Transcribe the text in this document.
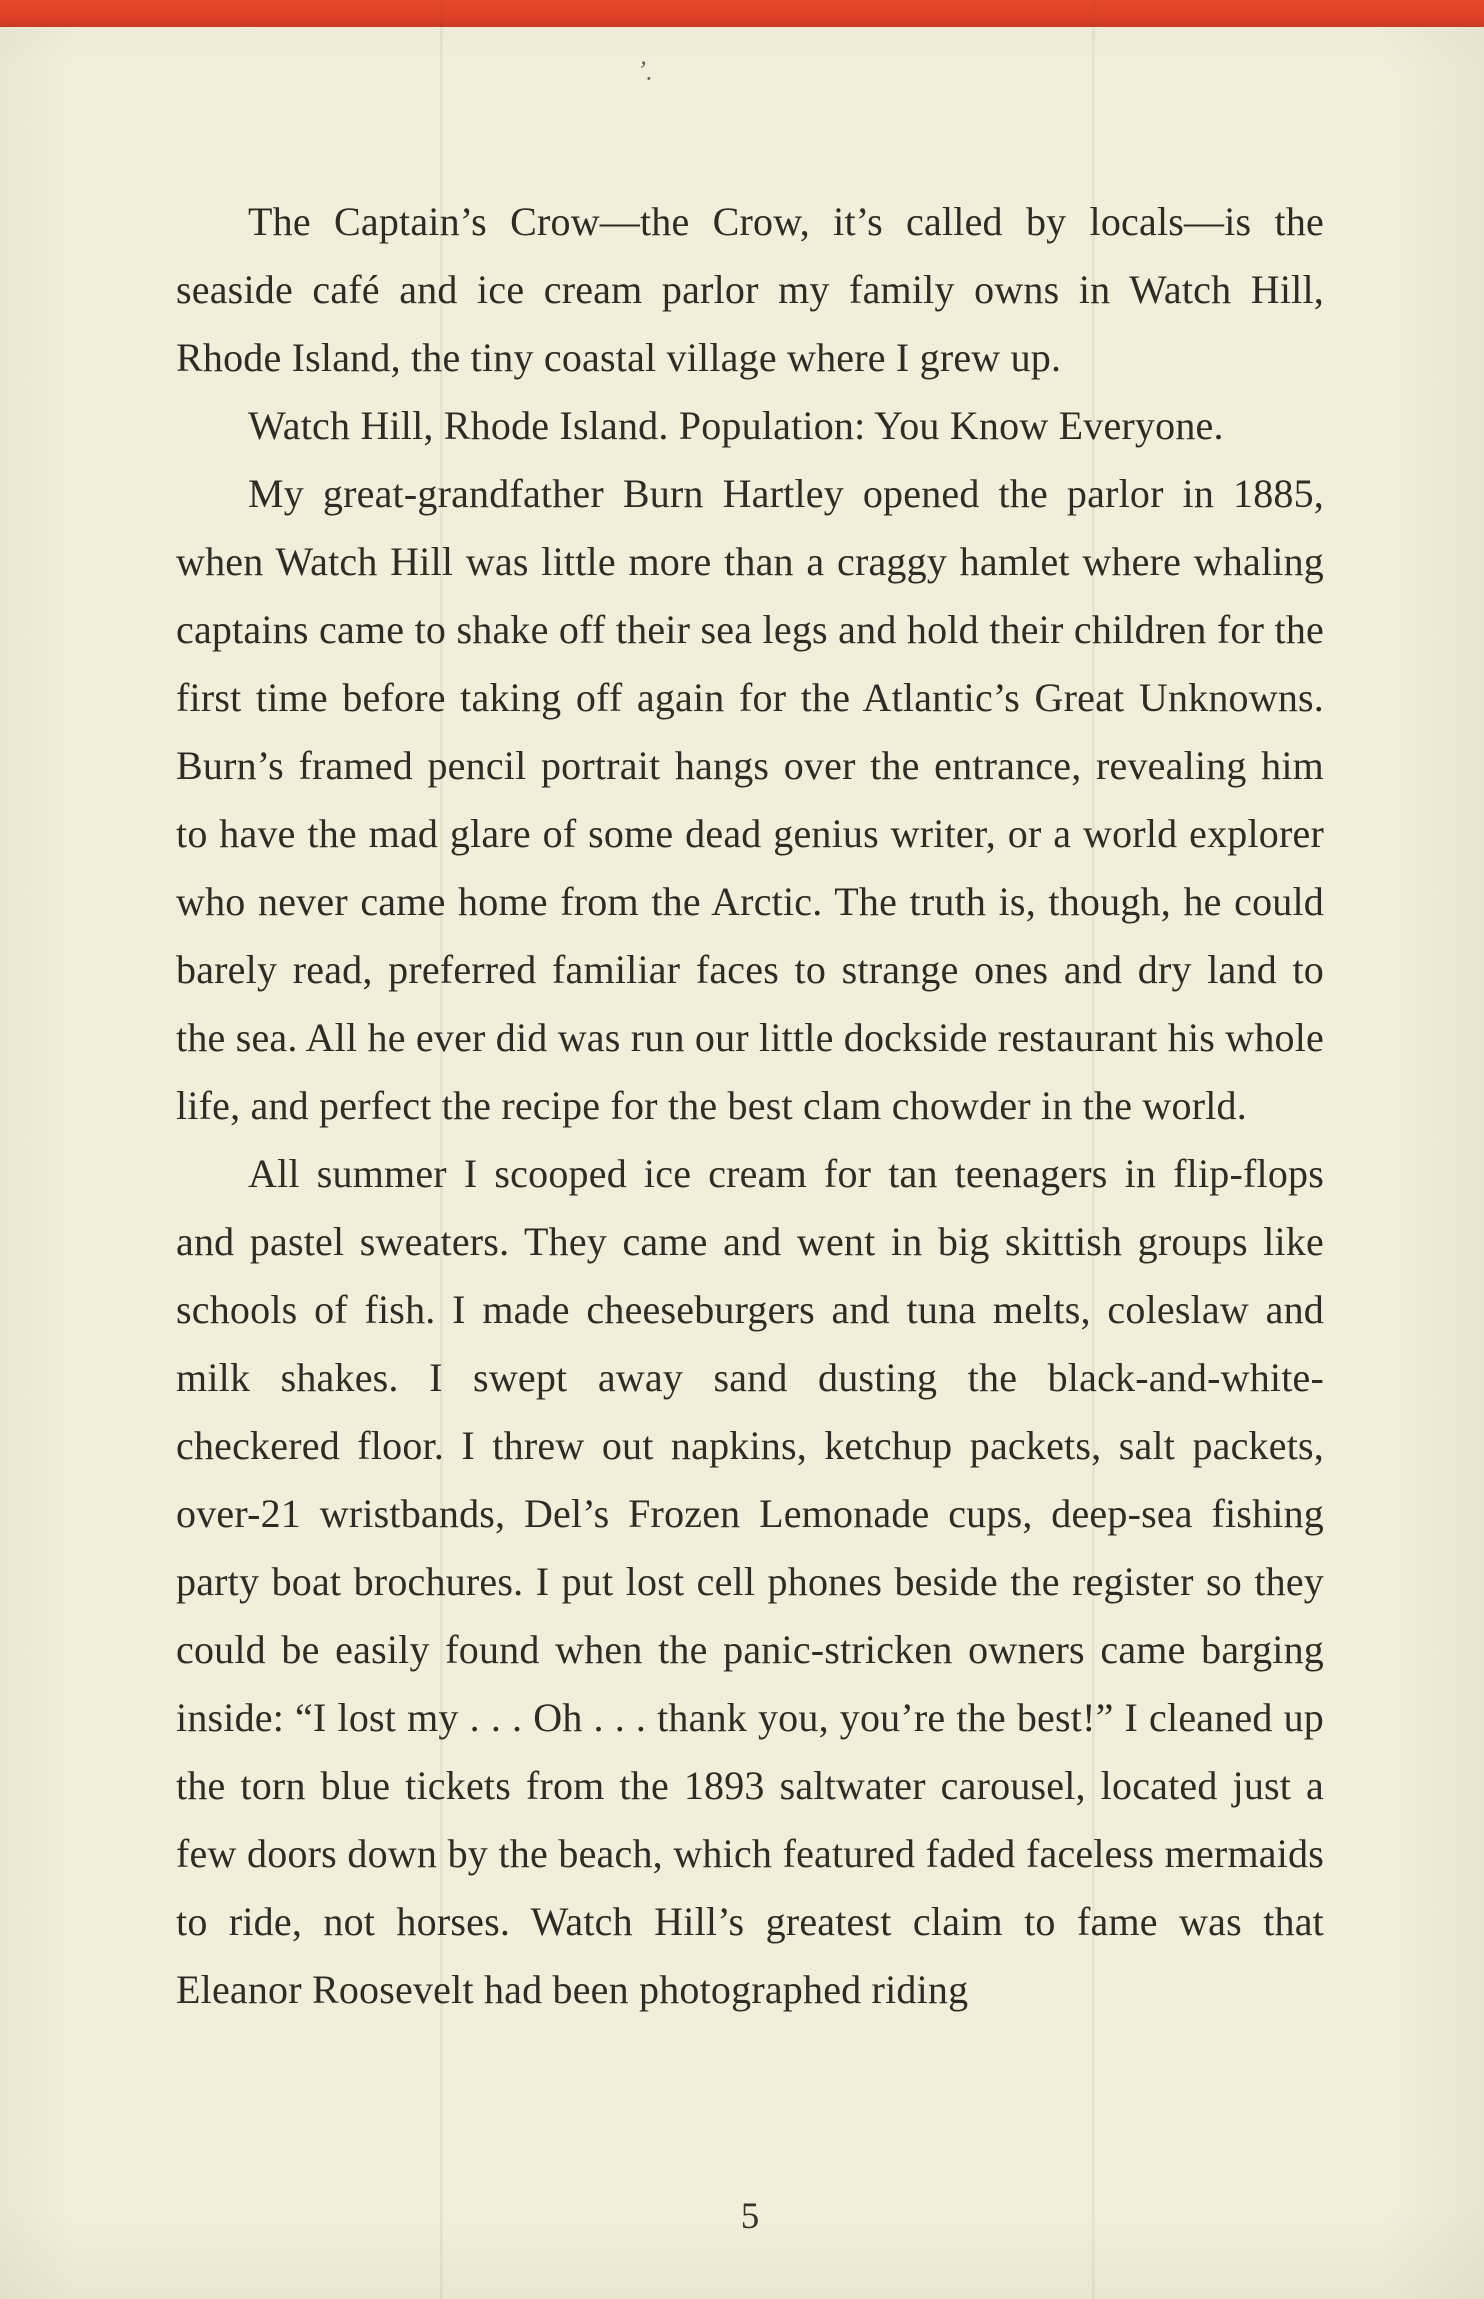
’.

The Captain’s Crow—the Crow, it’s called by locals—is the seaside café and ice cream parlor my family owns in Watch Hill, Rhode Island, the tiny coastal village where I grew up.

Watch Hill, Rhode Island. Population: You Know Everyone.

My great-grandfather Burn Hartley opened the parlor in 1885, when Watch Hill was little more than a craggy hamlet where whaling captains came to shake off their sea legs and hold their children for the first time before taking off again for the Atlantic’s Great Unknowns. Burn’s framed pencil portrait hangs over the entrance, revealing him to have the mad glare of some dead genius writer, or a world explorer who never came home from the Arctic. The truth is, though, he could barely read, preferred familiar faces to strange ones and dry land to the sea. All he ever did was run our little dockside restaurant his whole life, and perfect the recipe for the best clam chowder in the world.

All summer I scooped ice cream for tan teenagers in flip-flops and pastel sweaters. They came and went in big skittish groups like schools of fish. I made cheeseburgers and tuna melts, coleslaw and milk shakes. I swept away sand dusting the black-and-white-checkered floor. I threw out napkins, ketchup packets, salt packets, over-21 wristbands, Del’s Frozen Lemonade cups, deep-sea fishing party boat brochures. I put lost cell phones beside the register so they could be easily found when the panic-stricken owners came barging inside: “I lost my . . . Oh . . . thank you, you’re the best!” I cleaned up the torn blue tickets from the 1893 saltwater carousel, located just a few doors down by the beach, which featured faded faceless mermaids to ride, not horses. Watch Hill’s greatest claim to fame was that Eleanor Roosevelt had been photographed riding

5
